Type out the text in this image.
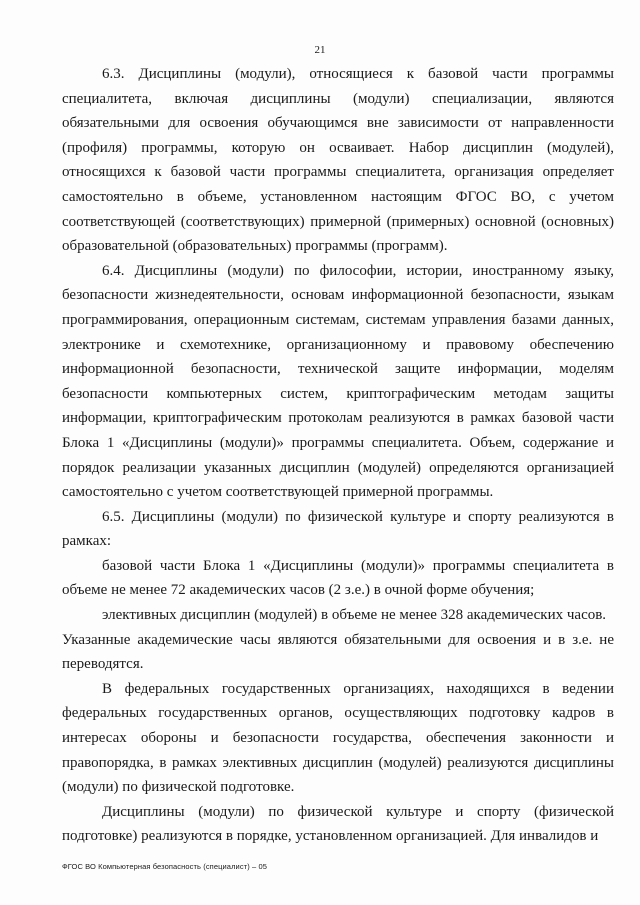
21

6.3. Дисциплины (модули), относящиеся к базовой части программы специалитета, включая дисциплины (модули) специализации, являются обязательными для освоения обучающимся вне зависимости от направленности (профиля) программы, которую он осваивает. Набор дисциплин (модулей), относящихся к базовой части программы специалитета, организация определяет самостоятельно в объеме, установленном настоящим ФГОС ВО, с учетом соответствующей (соответствующих) примерной (примерных) основной (основных) образовательной (образовательных) программы (программ).

6.4. Дисциплины (модули) по философии, истории, иностранному языку, безопасности жизнедеятельности, основам информационной безопасности, языкам программирования, операционным системам, системам управления базами данных, электронике и схемотехнике, организационному и правовому обеспечению информационной безопасности, технической защите информации, моделям безопасности компьютерных систем, криптографическим методам защиты информации, криптографическим протоколам реализуются в рамках базовой части Блока 1 «Дисциплины (модули)» программы специалитета. Объем, содержание и порядок реализации указанных дисциплин (модулей) определяются организацией самостоятельно с учетом соответствующей примерной программы.

6.5. Дисциплины (модули) по физической культуре и спорту реализуются в рамках:

базовой части Блока 1 «Дисциплины (модули)» программы специалитета в объеме не менее 72 академических часов (2 з.е.) в очной форме обучения;

элективных дисциплин (модулей) в объеме не менее 328 академических часов.

Указанные академические часы являются обязательными для освоения и в з.е. не переводятся.

В федеральных государственных организациях, находящихся в ведении федеральных государственных органов, осуществляющих подготовку кадров в интересах обороны и безопасности государства, обеспечения законности и правопорядка, в рамках элективных дисциплин (модулей) реализуются дисциплины (модули) по физической подготовке.

Дисциплины (модули) по физической культуре и спорту (физической подготовке) реализуются в порядке, установленном организацией. Для инвалидов и

ФГОС ВО Компьютерная безопасность (специалист) – 05
